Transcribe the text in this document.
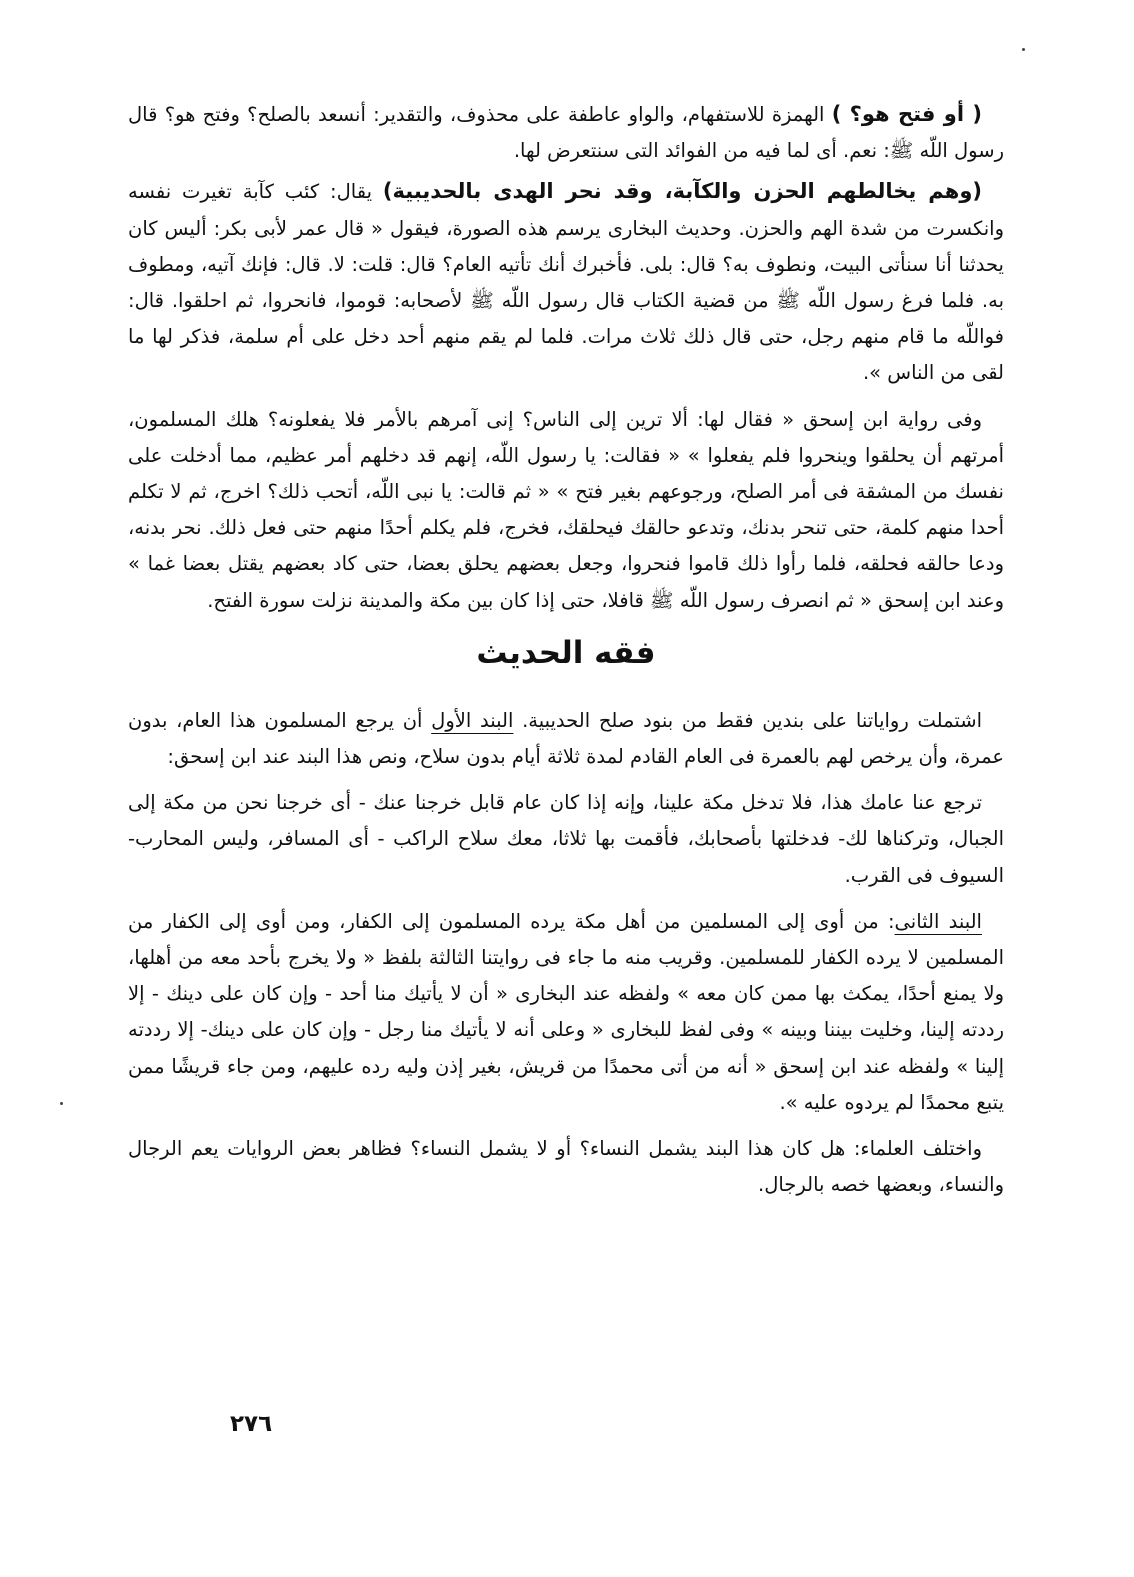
( أو فتح هو؟ ) الهمزة للاستفهام، والواو عاطفة على محذوف، والتقدير: أنسعد بالصلح؟ وفتح هو؟ قال رسول اللّه ﷺ: نعم. أى لما فيه من الفوائد التى سنتعرض لها.

(وهم يخالطهم الحزن والكآبة، وقد نحر الهدى بالحديبية) يقال: كئب كآبة تغيرت نفسه وانكسرت من شدة الهم والحزن. وحديث البخارى يرسم هذه الصورة، فيقول « قال عمر لأبى بكر: أليس كان يحدثنا أنا سنأتى البيت، ونطوف به؟ قال: بلى. فأخبرك أنك تأتيه العام؟ قال: قلت: لا. قال: فإنك آتيه، ومطوف به. فلما فرغ رسول اللّه ﷺ من قضية الكتاب قال رسول اللّه ﷺ لأصحابه: قوموا، فانحروا، ثم احلقوا. قال: فواللّه ما قام منهم رجل، حتى قال ذلك ثلاث مرات. فلما لم يقم منهم أحد دخل على أم سلمة، فذكر لها ما لقى من الناس ».

وفى رواية ابن إسحق « فقال لها: ألا ترين إلى الناس؟ إنى آمرهم بالأمر فلا يفعلونه؟ هلك المسلمون، أمرتهم أن يحلقوا وينحروا فلم يفعلوا » « فقالت: يا رسول اللّه، إنهم قد دخلهم أمر عظيم، مما أدخلت على نفسك من المشقة فى أمر الصلح، ورجوعهم بغير فتح » « ثم قالت: يا نبى اللّه، أتحب ذلك؟ اخرج، ثم لا تكلم أحدا منهم كلمة، حتى تنحر بدنك، وتدعو حالقك فيحلقك، فخرج، فلم يكلم أحدًا منهم حتى فعل ذلك. نحر بدنه، ودعا حالقه فحلقه، فلما رأوا ذلك قاموا فنحروا، وجعل بعضهم يحلق بعضا، حتى كاد بعضهم يقتل بعضا غما » وعند ابن إسحق « ثم انصرف رسول اللّه ﷺ قافلا، حتى إذا كان بين مكة والمدينة نزلت سورة الفتح.

فقه الحديث

اشتملت رواياتنا على بندين فقط من بنود صلح الحديبية. البند الأول أن يرجع المسلمون هذا العام، بدون عمرة، وأن يرخص لهم بالعمرة فى العام القادم لمدة ثلاثة أيام بدون سلاح، ونص هذا البند عند ابن إسحق:

ترجع عنا عامك هذا، فلا تدخل مكة علينا، وإنه إذا كان عام قابل خرجنا عنك - أى خرجنا نحن من مكة إلى الجبال، وتركناها لك- فدخلتها بأصحابك، فأقمت بها ثلاثا، معك سلاح الراكب - أى المسافر، وليس المحارب- السيوف فى القرب.

البند الثانى: من أوى إلى المسلمين من أهل مكة يرده المسلمون إلى الكفار، ومن أوى إلى الكفار من المسلمين لا يرده الكفار للمسلمين. وقريب منه ما جاء فى روايتنا الثالثة بلفظ « ولا يخرج بأحد معه من أهلها، ولا يمنع أحدًا، يمكث بها ممن كان معه » ولفظه عند البخارى « أن لا يأتيك منا أحد - وإن كان على دينك - إلا رددته إلينا، وخليت بيننا وبينه » وفى لفظ للبخارى « وعلى أنه لا يأتيك منا رجل - وإن كان على دينك- إلا رددته إلينا » ولفظه عند ابن إسحق « أنه من أتى محمدًا من قريش، بغير إذن وليه رده عليهم، ومن جاء قريشًا ممن يتبع محمدًا لم يردوه عليه ».

واختلف العلماء: هل كان هذا البند يشمل النساء؟ أو لا يشمل النساء؟ فظاهر بعض الروايات يعم الرجال والنساء، وبعضها خصه بالرجال.

٢٧٦
